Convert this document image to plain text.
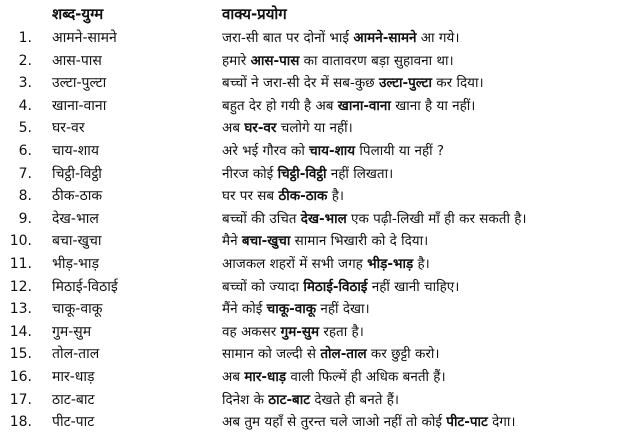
शब्द-युग्म	वाक्य-प्रयोग
1. आमने-सामने	जरा-सी बात पर दोनों भाई आमने-सामने आ गये।
2. आस-पास	हमारे आस-पास का वातावरण बड़ा सुहावना था।
3. उल्टा-पुल्टा	बच्चों ने जरा-सी देर में सब-कुछ उल्टा-पुल्टा कर दिया।
4. खाना-वाना	बहुत देर हो गयी है अब खाना-वाना खाना है या नहीं।
5. घर-वर	अब घर-वर चलोगे या नहीं।
6. चाय-शाय	अरे भई गौरव को चाय-शाय पिलायी या नहीं ?
7. चिट्ठी-विट्ठी	नीरज कोई चिट्ठी-विट्ठी नहीं लिखता।
8. ठीक-ठाक	घर पर सब ठीक-ठाक है।
9. देख-भाल	बच्चों की उचित देख-भाल एक पढ़ी-लिखी माँ ही कर सकती है।
10. बचा-खुचा	मैने बचा-खुचा सामान भिखारी को दे दिया।
11. भीड़-भाड़	आजकल शहरों में सभी जगह भीड़-भाड़ है।
12. मिठाई-विठाई	बच्चों को ज्यादा मिठाई-विठाई नहीं खानी चाहिए।
13. चाकू-वाकू	मैंने कोई चाकू-वाकू नहीं देखा।
14. गुम-सुम	वह अकसर गुम-सुम रहता है।
15. तोल-ताल	सामान को जल्दी से तोल-ताल कर छुट्टी करो।
16. मार-धाड़	अब मार-धाड़ वाली फिल्में ही अधिक बनती हैं।
17. ठाट-बाट	दिनेश के ठाट-बाट देखते ही बनते हैं।
18. पीट-पाट	अब तुम यहाँ से तुरन्त चले जाओ नहीं तो कोई पीट-पाट देगा।
